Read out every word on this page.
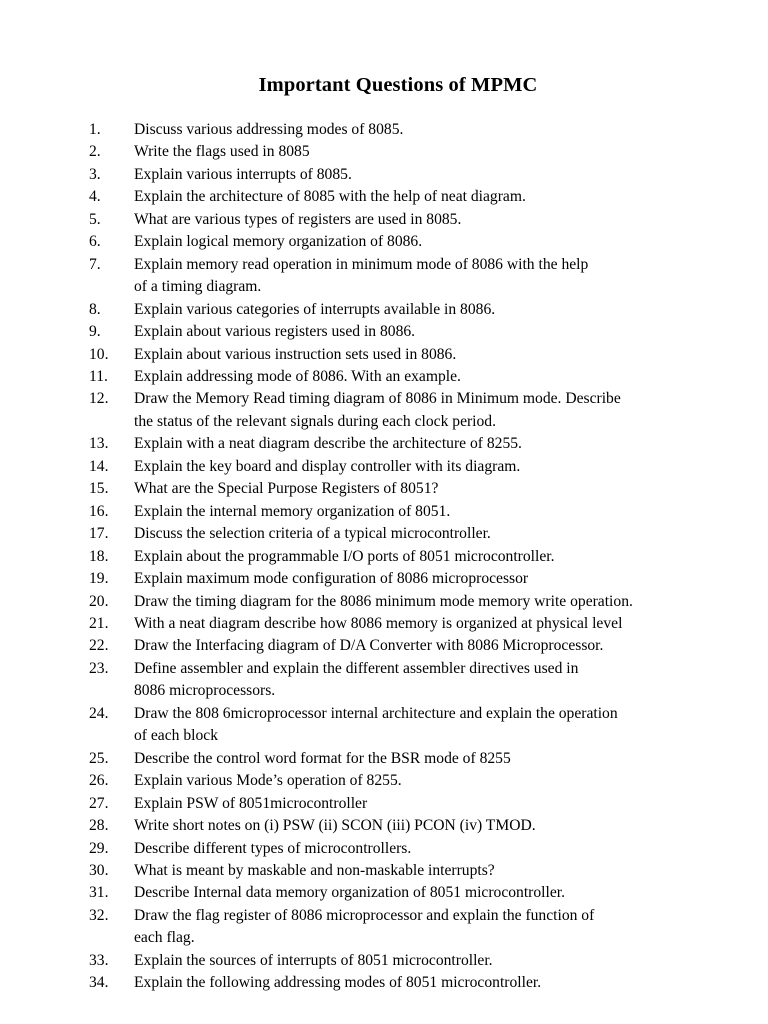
Important Questions of MPMC
1. Discuss various addressing modes of 8085.
2. Write the flags used in 8085
3. Explain various interrupts of 8085.
4. Explain the architecture of 8085 with the help of neat diagram.
5. What are various types of registers are used in 8085.
6. Explain logical memory organization of 8086.
7. Explain memory read operation in minimum mode of 8086 with the help
of a timing diagram.
8. Explain various categories of interrupts available in 8086.
9. Explain about various registers used in 8086.
10. Explain about various instruction sets used in 8086.
11. Explain addressing mode of 8086. With an example.
12. Draw the Memory Read timing diagram of 8086 in Minimum mode. Describe
the status of the relevant signals during each clock period.
13. Explain with a neat diagram describe the architecture of 8255.
14. Explain the key board and display controller with its diagram.
15. What are the Special Purpose Registers of 8051?
16. Explain the internal memory organization of 8051.
17. Discuss the selection criteria of a typical microcontroller.
18. Explain about the programmable I/O ports of 8051 microcontroller.
19. Explain maximum mode configuration of 8086 microprocessor
20. Draw the timing diagram for the 8086 minimum mode memory write operation.
21. With a neat diagram describe how 8086 memory is organized at physical level
22. Draw the Interfacing diagram of D/A Converter with 8086 Microprocessor.
23. Define assembler and explain the different assembler directives used in
8086 microprocessors.
24. Draw the 808 6microprocessor internal architecture and explain the operation
of each block
25. Describe the control word format for the BSR mode of 8255
26. Explain various Mode’s operation of 8255.
27. Explain PSW of 8051microcontroller
28. Write short notes on (i) PSW (ii) SCON (iii) PCON (iv) TMOD.
29. Describe different types of microcontrollers.
30. What is meant by maskable and non-maskable interrupts?
31. Describe Internal data memory organization of 8051 microcontroller.
32. Draw the flag register of 8086 microprocessor and explain the function of
each flag.
33. Explain the sources of interrupts of 8051 microcontroller.
34. Explain the following addressing modes of 8051 microcontroller.
